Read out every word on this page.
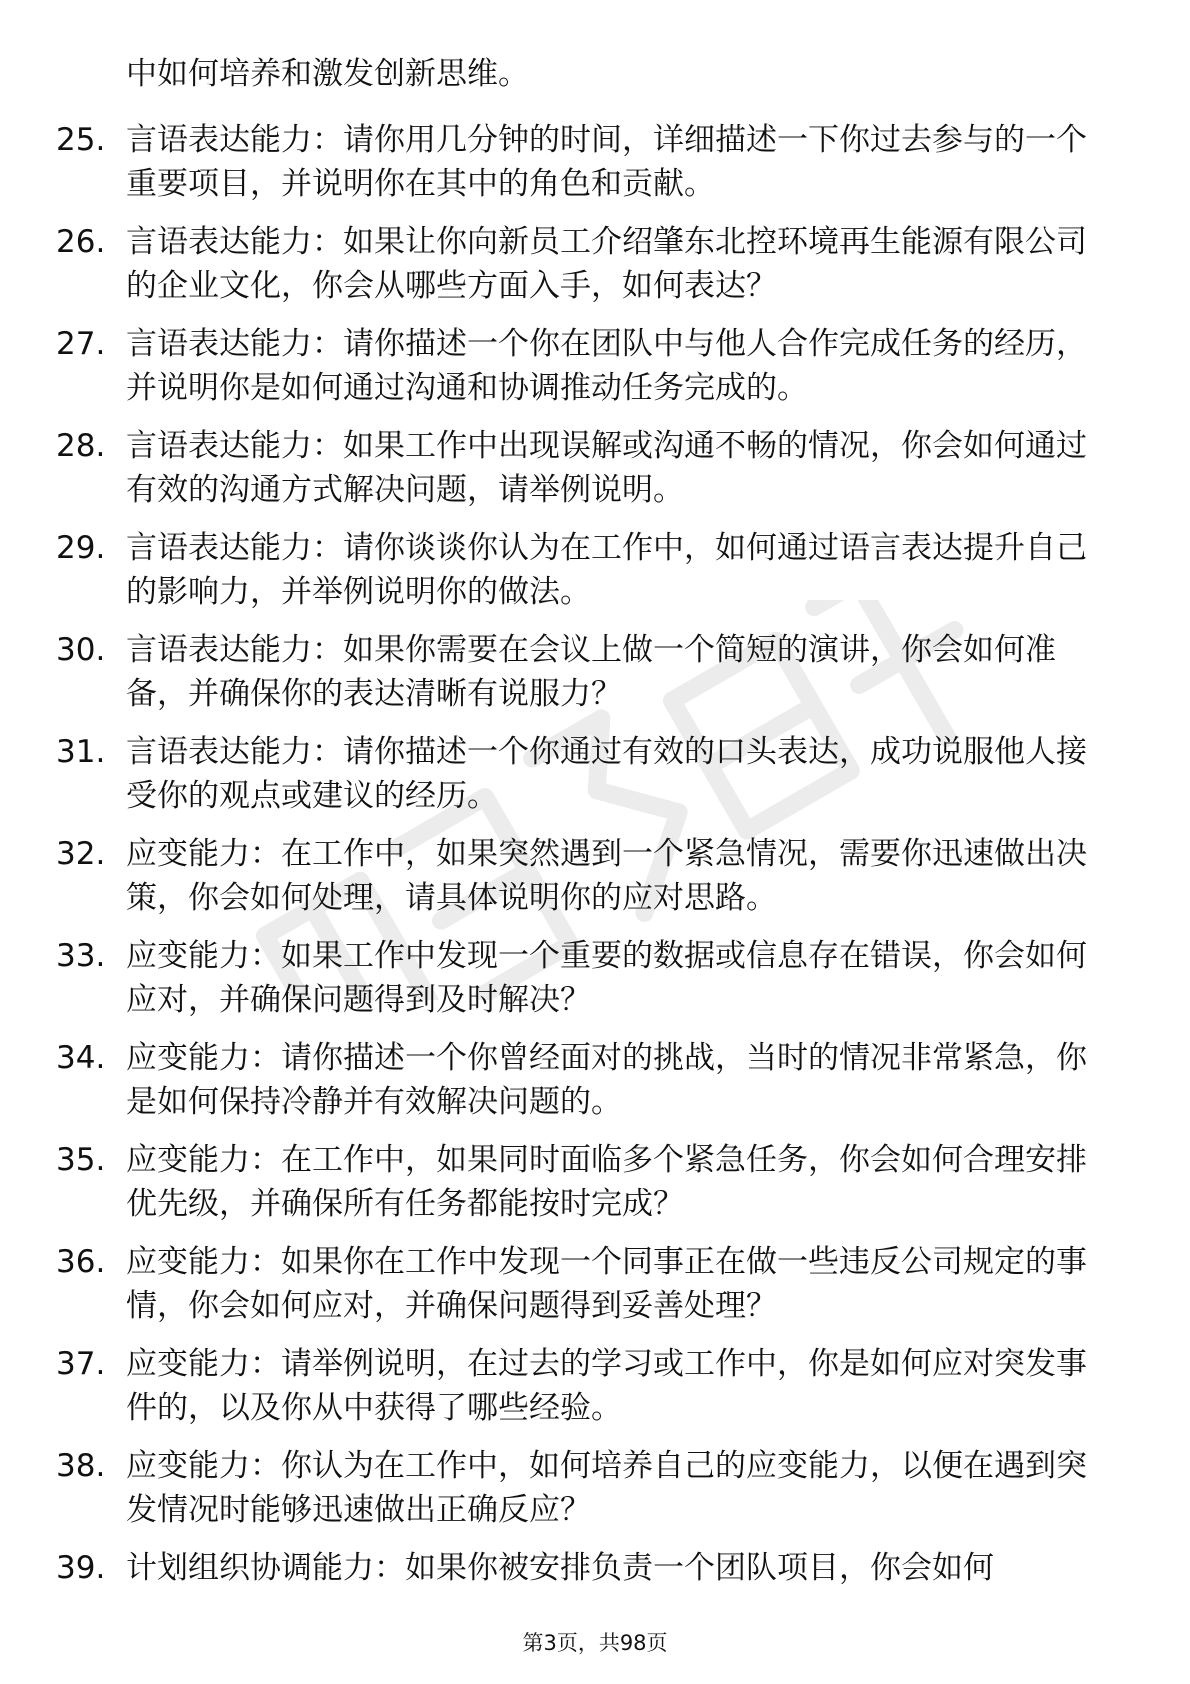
中如何培养和激发创新思维。
25. 言语表达能力：请你用几分钟的时间，详细描述一下你过去参与的一个重要项目，并说明你在其中的角色和贡献。
26. 言语表达能力：如果让你向新员工介绍肇东北控环境再生能源有限公司的企业文化，你会从哪些方面入手，如何表达？
27. 言语表达能力：请你描述一个你在团队中与他人合作完成任务的经历，并说明你是如何通过沟通和协调推动任务完成的。
28. 言语表达能力：如果工作中出现误解或沟通不畅的情况，你会如何通过有效的沟通方式解决问题，请举例说明。
29. 言语表达能力：请你谈谈你认为在工作中，如何通过语言表达提升自己的影响力，并举例说明你的做法。
30. 言语表达能力：如果你需要在会议上做一个简短的演讲，你会如何准备，并确保你的表达清晰有说服力？
31. 言语表达能力：请你描述一个你通过有效的口头表达，成功说服他人接受你的观点或建议的经历。
32. 应变能力：在工作中，如果突然遇到一个紧急情况，需要你迅速做出决策，你会如何处理，请具体说明你的应对思路。
33. 应变能力：如果工作中发现一个重要的数据或信息存在错误，你会如何应对，并确保问题得到及时解决？
34. 应变能力：请你描述一个你曾经面对的挑战，当时的情况非常紧急，你是如何保持冷静并有效解决问题的。
35. 应变能力：在工作中，如果同时面临多个紧急任务，你会如何合理安排优先级，并确保所有任务都能按时完成？
36. 应变能力：如果你在工作中发现一个同事正在做一些违反公司规定的事情，你会如何应对，并确保问题得到妥善处理？
37. 应变能力：请举例说明，在过去的学习或工作中，你是如何应对突发事件的，以及你从中获得了哪些经验。
38. 应变能力：你认为在工作中，如何培养自己的应变能力，以便在遇到突发情况时能够迅速做出正确反应？
39. 计划组织协调能力：如果你被安排负责一个团队项目，你会如何
第3页，共98页
